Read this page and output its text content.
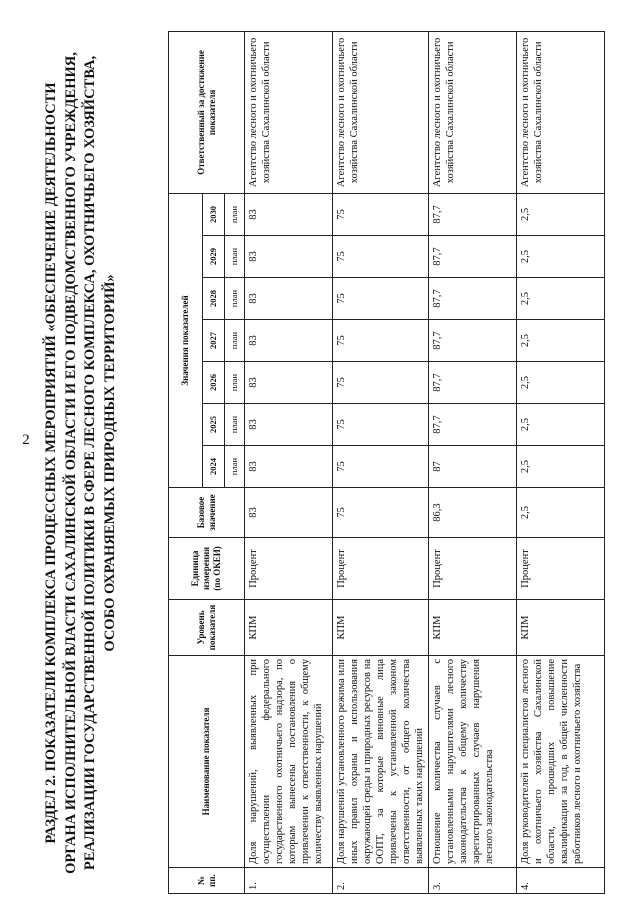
2 РАЗДЕЛ 2. ПОКАЗАТЕЛИ КОМПЛЕКСА ПРОЦЕССНЫХ МЕРОПРИЯТИЙ «ОБЕСПЕЧЕНИЕ ДЕЯТЕЛЬНОСТИ ОРГАНА ИСПОЛНИТЕЛЬНОЙ ВЛАСТИ САХАЛИНСКОЙ ОБЛАСТИ И ЕГО ПОДВЕДОМСТВЕННОГО УЧРЕЖДЕНИЯ, РЕАЛИЗАЦИИ ГОСУДАРСТВЕННОЙ ПОЛИТИКИ В СФЕРЕ ЛЕСНОГО КОМПЛЕКСА, ОХОТНИЧЬЕГО ХОЗЯЙСТВА, ОСОБО ОХРАНЯЕМЫХ ПРИРОДНЫХ ТЕРРИТОРИЙ»
№ пп.	Наименование показателя	Уровень показателя	Единица измерения (по ОКЕИ)	Базовое значение	Значения показателей							Ответственный за достижение показателя
					2024	2025	2026	2027	2028	2029	2030	
					план	план	план	план	план	план	план	
1.	Доля нарушений, выявленных при осуществлении федерального государственного охотничьего надзора, по которым вынесены постановления о привлечении к ответственности, к общему количеству выявленных нарушений	КПМ	Процент	83	83	83	83	83	83	83	83	Агентство лесного и охотничьего хозяйства Сахалинской области
2.	Доля нарушений установленного режима или иных правил охраны и использования окружающей среды и природных ресурсов на ООПТ, за которые виновные лица привлечены к установленной законом ответственности, от общего количества выявленных таких нарушений	КПМ	Процент	75	75	75	75	75	75	75	75	Агентство лесного и охотничьего хозяйства Сахалинской области
3.	Отношение количества случаев с установленными нарушителями лесного законодательства к общему количеству зарегистрированных случаев нарушения лесного законодательства	КПМ	Процент	86,3	87	87,7	87,7	87,7	87,7	87,7	87,7	Агентство лесного и охотничьего хозяйства Сахалинской области
4.	Доля руководителей и специалистов лесного и охотничьего хозяйства Сахалинской области, прошедших повышение квалификации за год, в общей численности работников лесного и охотничьего хозяйства	КПМ	Процент	2,5	2,5	2,5	2,5	2,5	2,5	2,5	2,5	Агентство лесного и охотничьего хозяйства Сахалинской области
